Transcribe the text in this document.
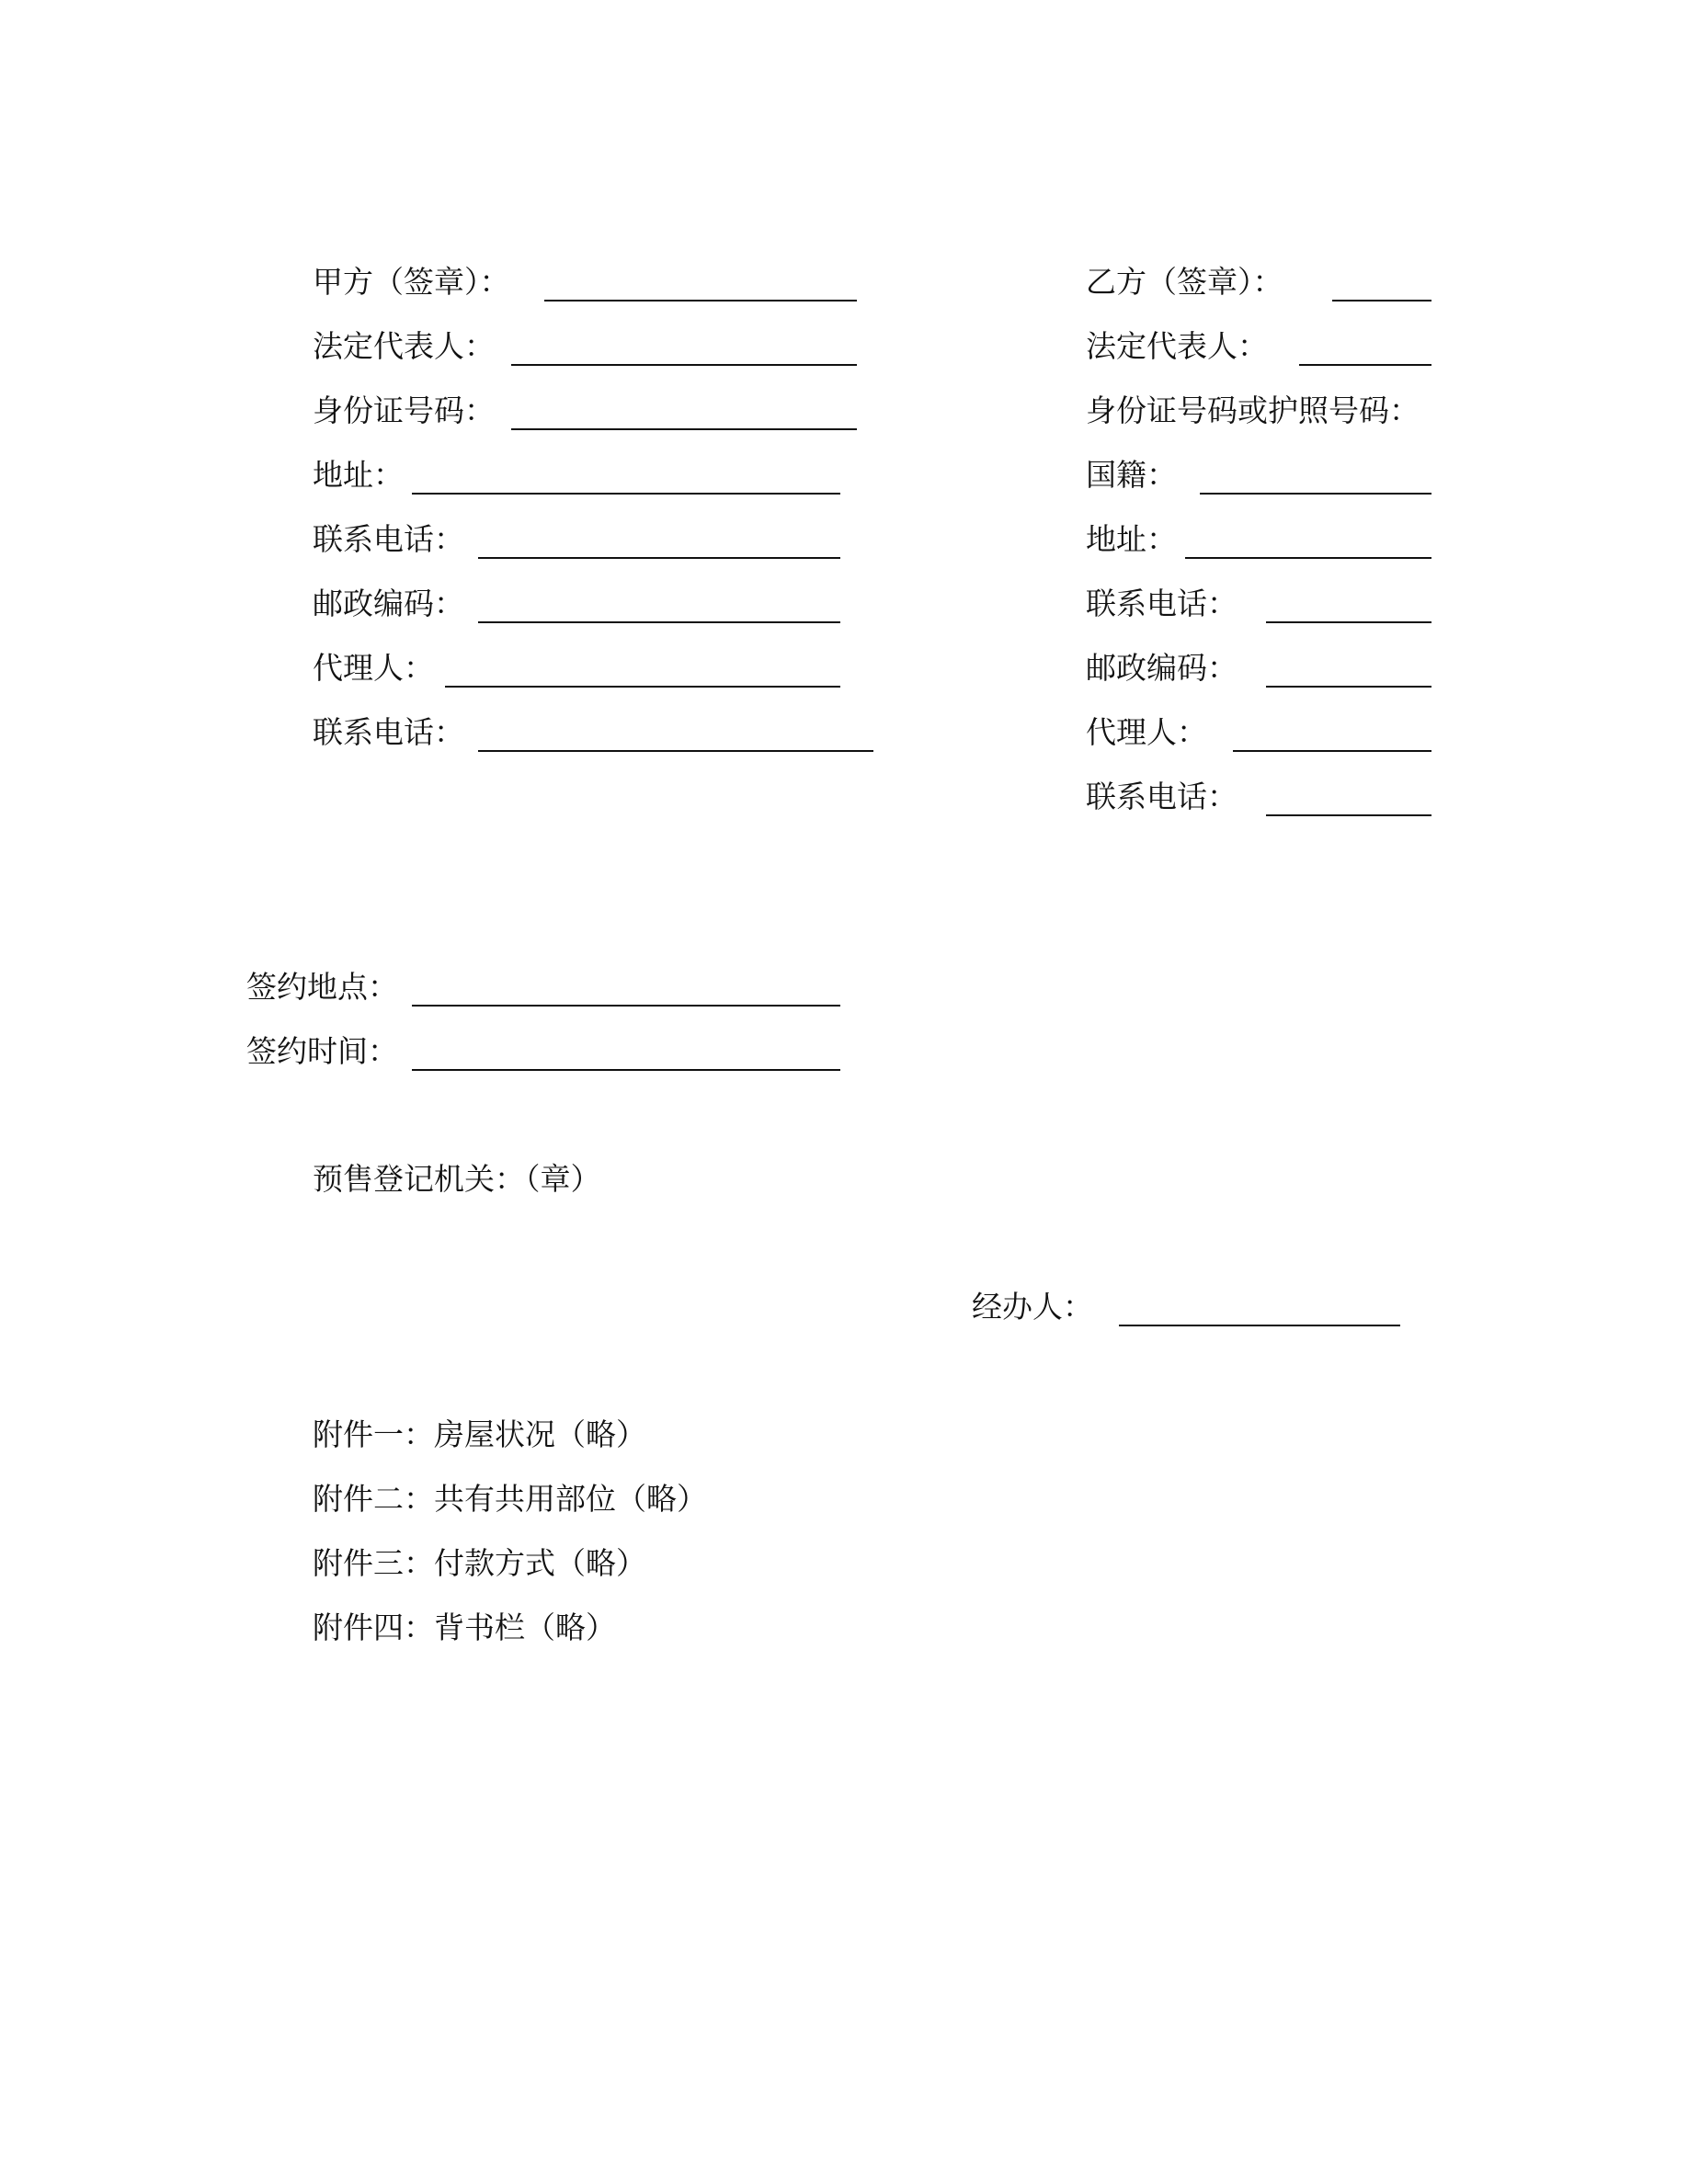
甲方（签章）：
法定代表人：
身份证号码：
地址：
联系电话：
邮政编码：
代理人：
联系电话：
乙方（签章）：
法定代表人：
身份证号码或护照号码：
国籍：
地址：
联系电话：
邮政编码：
代理人：
联系电话：
签约地点：
签约时间：
预售登记机关：（章）
经办人：
附件一：房屋状况（略）
附件二：共有共用部位（略）
附件三：付款方式（略）
附件四：背书栏（略）
